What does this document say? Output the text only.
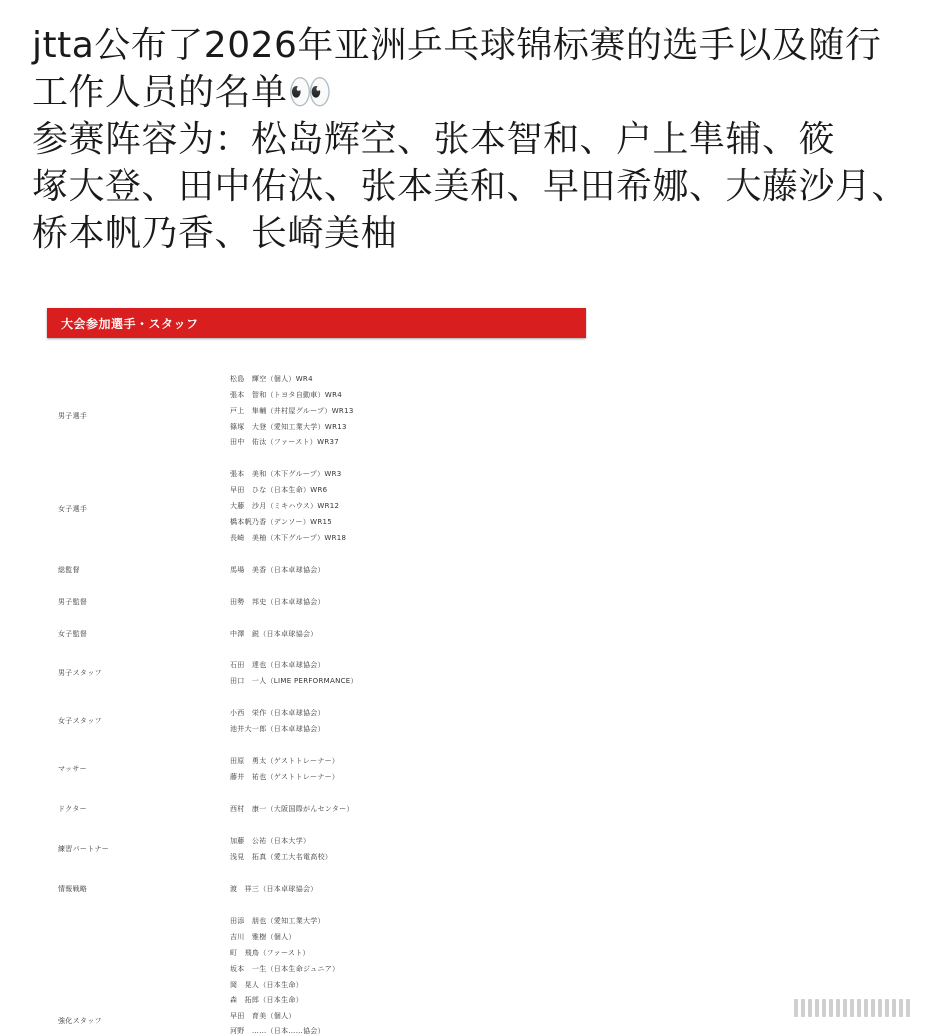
jtta公布了2026年亚洲乒乓球锦标赛的选手以及随行

工作人员的名单👀

参赛阵容为：松岛辉空、张本智和、户上隼辅、筱

塚大登、田中佑汰、张本美和、早田希娜、大藤沙月、

桥本帆乃香、长崎美柚

大会参加選手・スタッフ
男子選手
女子選手
総監督
男子監督
女子監督
男子スタッフ
女子スタッフ
マッサー
ドクター
練習パートナー
情報戦略
強化スタッフ
松島　輝空（個人）WR4
張本　智和（トヨタ自動車）WR4
戸上　隼輔（井村屋グループ）WR13
篠塚　大登（愛知工業大学）WR13
田中　佑汰（ファースト）WR37
張本　美和（木下グループ）WR3
早田　ひな（日本生命）WR6
大藤　沙月（ミキハウス）WR12
橋本帆乃香（デンソー）WR15
長崎　美柚（木下グループ）WR18
馬場　美香（日本卓球協会）
田勢　邦史（日本卓球協会）
中澤　鋭（日本卓球協会）
石田　達也（日本卓球協会）
田口　一人（LIME PERFORMANCE）
小西　栄作（日本卓球協会）
池井大一郎（日本卓球協会）
田原　勇太（ゲストトレーナー）
藤井　祐也（ゲストトレーナー）
西村　康一（大阪国際がんセンター）
加藤　公祐（日本大学）
浅見　拓真（愛工大名電高校）
渡　祥三（日本卓球協会）
田添　朋也（愛知工業大学）
吉川　雅樹（個人）
町　飛鳥（ファースト）
坂本　一生（日本生命ジュニア）
岡　晃人（日本生命）
森　拓郎（日本生命）
早田　育美（個人）
河野　……（日本……協会）
